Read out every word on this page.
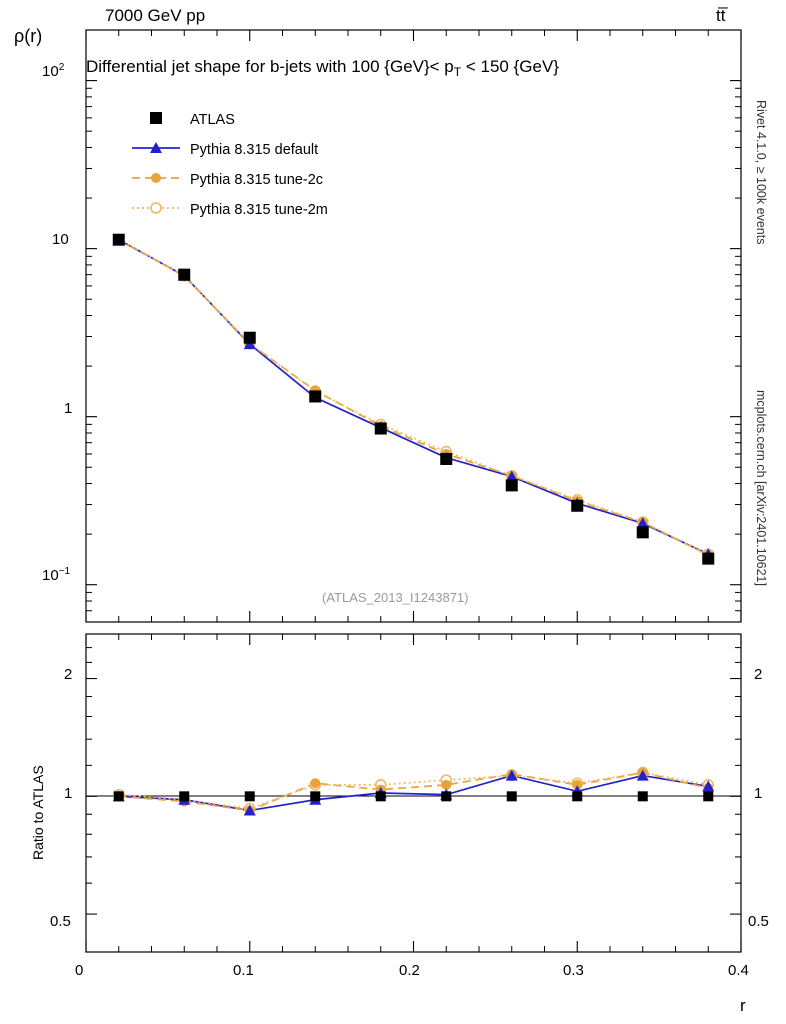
7000 GeV pp	tt̅
ρ(r)
Differential jet shape for b-jets with 100 $\{GeV\}< p_T < 150$ {GeV}
Rivet 4.1.0, ≥ 100k events
mcplots.cern.ch [arXiv:2401.10621]
r
Ratio to ATLAS
$10^2$
10
1
$10^{-1}$
2
1
0.5
2
1
0.5
0	0.1	0.2	0.3	0.4
ATLAS
Pythia 8.315 default
Pythia 8.315 tune-2c
Pythia 8.315 tune-2m
(ATLAS_2013_I1243871)
